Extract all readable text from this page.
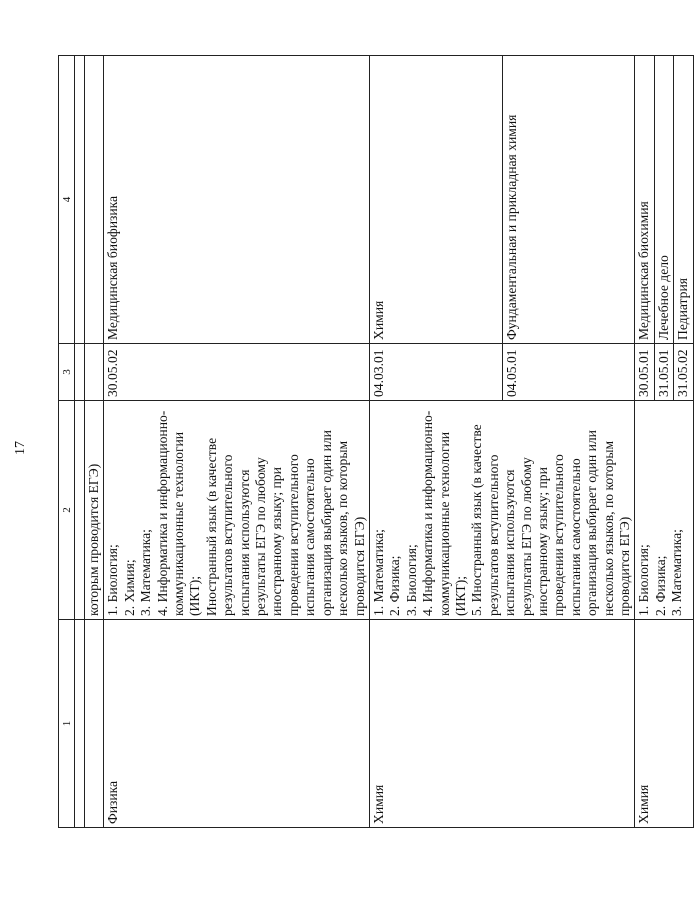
17
1	2	3	4

	которым проводится ЕГЭ)		
Физика	1. Биология; 2. Химия; 3. Математика; 4. Информатика и информационно-коммуникационные технологии (ИКТ); Иностранный язык (в качестве результатов вступительного испытания используются результаты ЕГЭ по любому иностранному языку; при проведении вступительного испытания самостоятельно организация выбирает один или несколько языков, по которым проводится ЕГЭ)	30.05.02	Медицинская биофизика
Химия	1. Математика; 2. Физика; 3. Биология; 4. Информатика и информационно-коммуникационные технологии (ИКТ); 5. Иностранный язык (в качестве результатов вступительного испытания используются результаты ЕГЭ по любому иностранному языку; при проведении вступительного испытания самостоятельно организация выбирает один или несколько языков, по которым проводится ЕГЭ)	04.03.01	Химия
		04.05.01	Фундаментальная и прикладная химия
Химия	1. Биология; 2. Физика; 3. Математика;	30.05.01	Медицинская биохимия
		31.05.01	Лечебное дело
		31.05.02	Педиатрия
